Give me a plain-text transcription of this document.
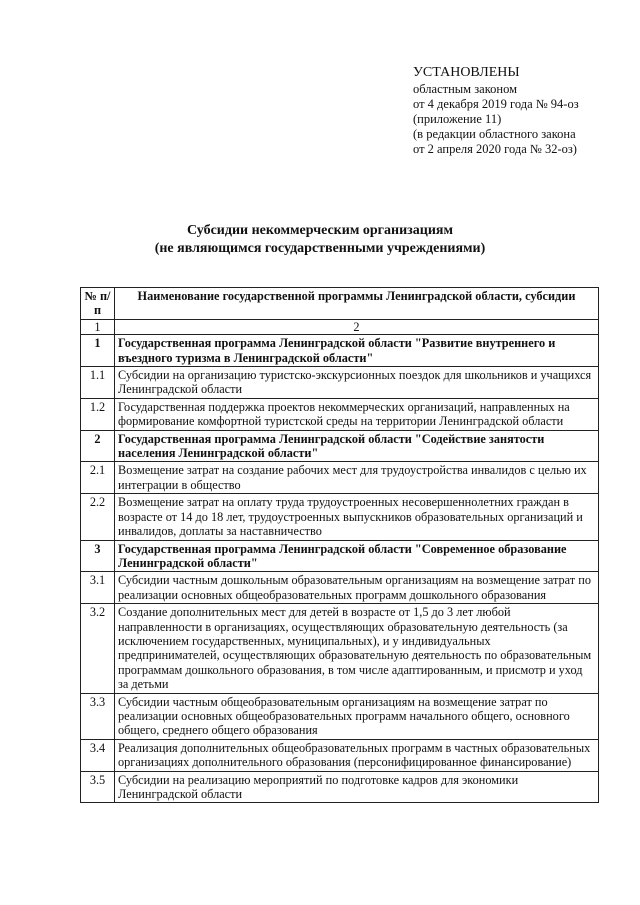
УСТАНОВЛЕНЫ
областным законом
от 4 декабря 2019 года № 94-оз
(приложение 11)
(в редакции областного закона
от 2 апреля 2020 года № 32-оз)
Субсидии некоммерческим организациям
(не являющимся государственными учреждениями)
№ п/п	Наименование государственной программы Ленинградской области, субсидии
1	2
1	Государственная программа Ленинградской области "Развитие внутреннего и въездного туризма в Ленинградской области"
1.1	Субсидии на организацию туристско-экскурсионных поездок для школьников и учащихся Ленинградской области
1.2	Государственная поддержка проектов некоммерческих организаций, направленных на формирование комфортной туристской среды на территории Ленинградской области
2	Государственная программа Ленинградской области "Содействие занятости населения Ленинградской области"
2.1	Возмещение затрат на создание рабочих мест для трудоустройства инвалидов с целью их интеграции в общество
2.2	Возмещение затрат на оплату труда трудоустроенных несовершеннолетних граждан в возрасте от 14 до 18 лет, трудоустроенных выпускников образовательных организаций и инвалидов, доплаты за наставничество
3	Государственная программа Ленинградской области "Современное образование Ленинградской области"
3.1	Субсидии частным дошкольным образовательным организациям на возмещение затрат по реализации основных общеобразовательных программ дошкольного образования
3.2	Создание дополнительных мест для детей в возрасте от 1,5 до 3 лет любой направленности в организациях, осуществляющих образовательную деятельность (за исключением государственных, муниципальных), и у индивидуальных предпринимателей, осуществляющих образовательную деятельность по образовательным программам дошкольного образования, в том числе адаптированным, и присмотр и уход за детьми
3.3	Субсидии частным общеобразовательным организациям на возмещение затрат по реализации основных общеобразовательных программ начального общего, основного общего, среднего общего образования
3.4	Реализация дополнительных общеобразовательных программ в частных образовательных организациях дополнительного образования (персонифицированное финансирование)
3.5	Субсидии на реализацию мероприятий по подготовке кадров для экономики Ленинградской области
